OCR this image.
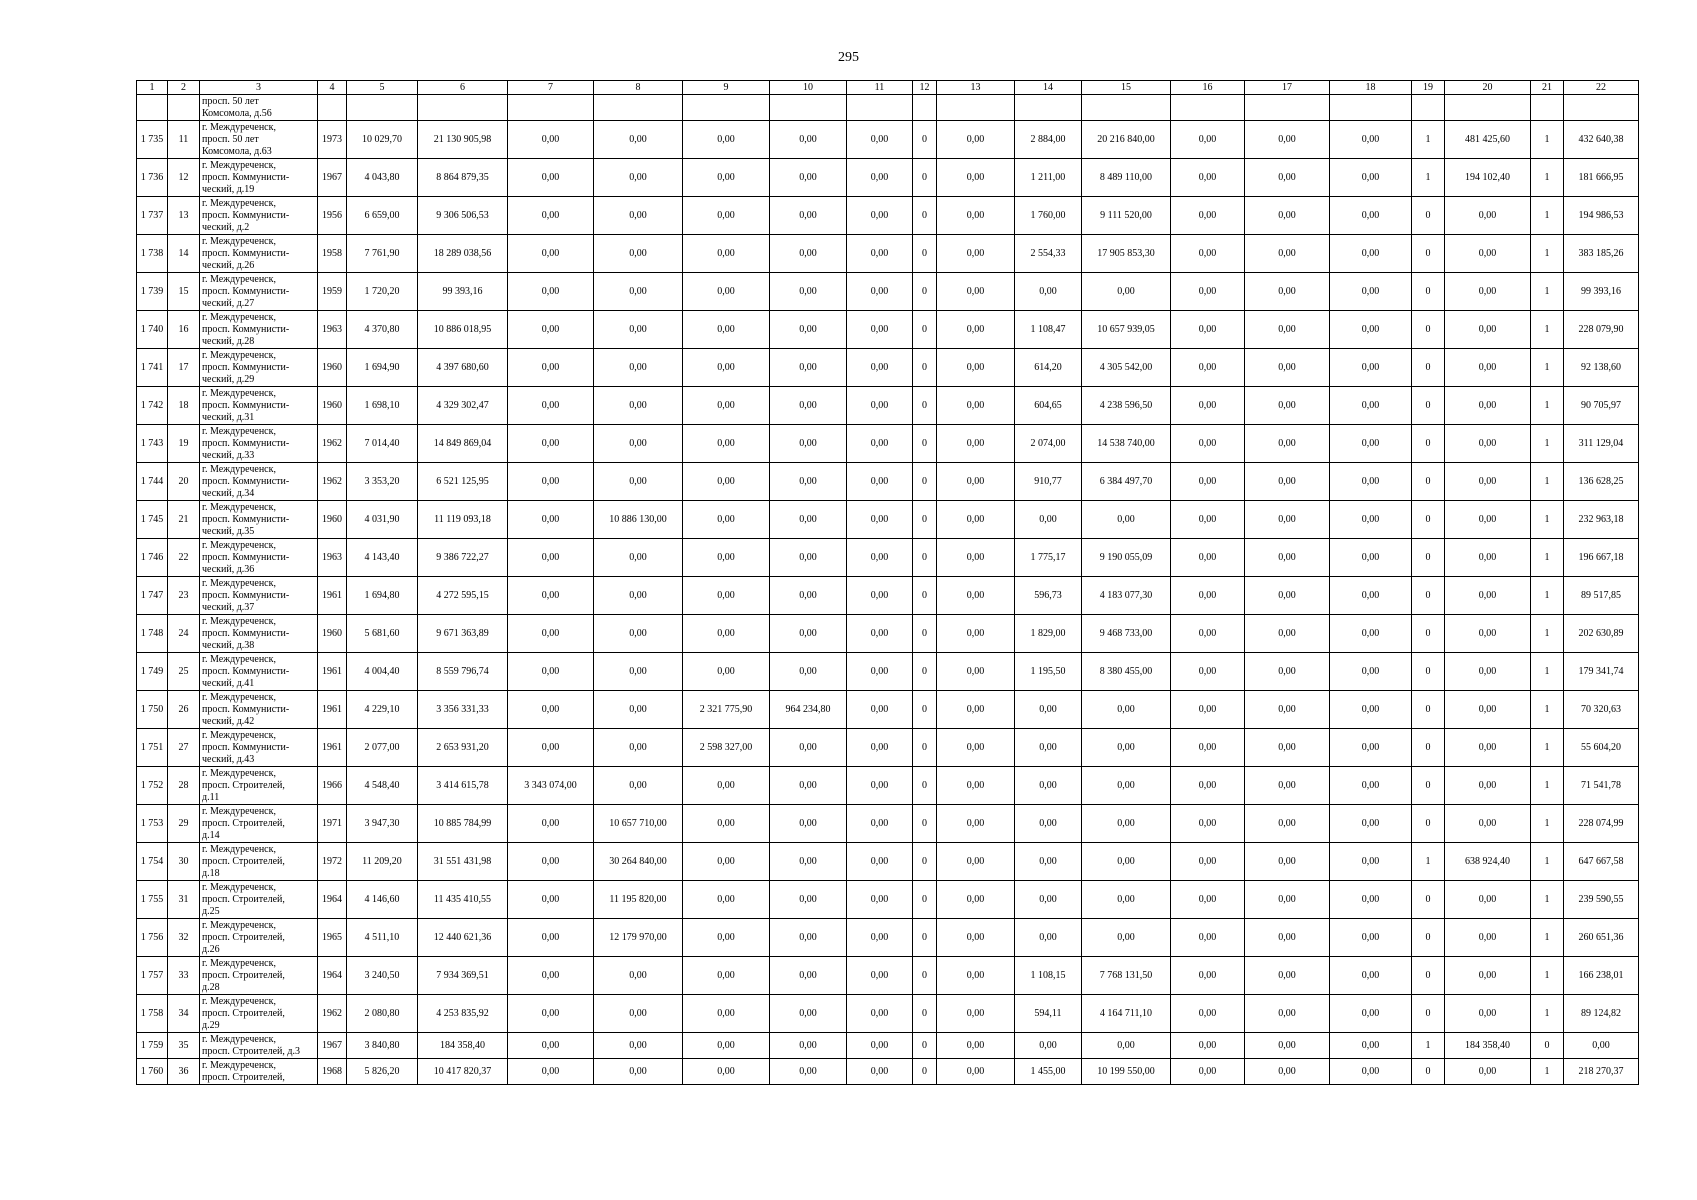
295
1	2	3	4	5	6	7	8	9	10	11	12	13	14	15	16	17	18	19	20	21	22
		просп. 50 лет
Комсомола, д.56																			
1 735	11	г. Междуреченск,
просп. 50 лет
Комсомола, д.63	1973	10 029,70	21 130 905,98	0,00	0,00	0,00	0,00	0,00	0	0,00	2 884,00	20 216 840,00	0,00	0,00	0,00	1	481 425,60	1	432 640,38
1 736	12	г. Междуреченск,
просп. Коммунисти-
ческий, д.19	1967	4 043,80	8 864 879,35	0,00	0,00	0,00	0,00	0,00	0	0,00	1 211,00	8 489 110,00	0,00	0,00	0,00	1	194 102,40	1	181 666,95
1 737	13	г. Междуреченск,
просп. Коммунисти-
ческий, д.2	1956	6 659,00	9 306 506,53	0,00	0,00	0,00	0,00	0,00	0	0,00	1 760,00	9 111 520,00	0,00	0,00	0,00	0	0,00	1	194 986,53
1 738	14	г. Междуреченск,
просп. Коммунисти-
ческий, д.26	1958	7 761,90	18 289 038,56	0,00	0,00	0,00	0,00	0,00	0	0,00	2 554,33	17 905 853,30	0,00	0,00	0,00	0	0,00	1	383 185,26
1 739	15	г. Междуреченск,
просп. Коммунисти-
ческий, д.27	1959	1 720,20	99 393,16	0,00	0,00	0,00	0,00	0,00	0	0,00	0,00	0,00	0,00	0,00	0,00	0	0,00	1	99 393,16
1 740	16	г. Междуреченск,
просп. Коммунисти-
ческий, д.28	1963	4 370,80	10 886 018,95	0,00	0,00	0,00	0,00	0,00	0	0,00	1 108,47	10 657 939,05	0,00	0,00	0,00	0	0,00	1	228 079,90
1 741	17	г. Междуреченск,
просп. Коммунисти-
ческий, д.29	1960	1 694,90	4 397 680,60	0,00	0,00	0,00	0,00	0,00	0	0,00	614,20	4 305 542,00	0,00	0,00	0,00	0	0,00	1	92 138,60
1 742	18	г. Междуреченск,
просп. Коммунисти-
ческий, д.31	1960	1 698,10	4 329 302,47	0,00	0,00	0,00	0,00	0,00	0	0,00	604,65	4 238 596,50	0,00	0,00	0,00	0	0,00	1	90 705,97
1 743	19	г. Междуреченск,
просп. Коммунисти-
ческий, д.33	1962	7 014,40	14 849 869,04	0,00	0,00	0,00	0,00	0,00	0	0,00	2 074,00	14 538 740,00	0,00	0,00	0,00	0	0,00	1	311 129,04
1 744	20	г. Междуреченск,
просп. Коммунисти-
ческий, д.34	1962	3 353,20	6 521 125,95	0,00	0,00	0,00	0,00	0,00	0	0,00	910,77	6 384 497,70	0,00	0,00	0,00	0	0,00	1	136 628,25
1 745	21	г. Междуреченск,
просп. Коммунисти-
ческий, д.35	1960	4 031,90	11 119 093,18	0,00	10 886 130,00	0,00	0,00	0,00	0	0,00	0,00	0,00	0,00	0,00	0,00	0	0,00	1	232 963,18
1 746	22	г. Междуреченск,
просп. Коммунисти-
ческий, д.36	1963	4 143,40	9 386 722,27	0,00	0,00	0,00	0,00	0,00	0	0,00	1 775,17	9 190 055,09	0,00	0,00	0,00	0	0,00	1	196 667,18
1 747	23	г. Междуреченск,
просп. Коммунисти-
ческий, д.37	1961	1 694,80	4 272 595,15	0,00	0,00	0,00	0,00	0,00	0	0,00	596,73	4 183 077,30	0,00	0,00	0,00	0	0,00	1	89 517,85
1 748	24	г. Междуреченск,
просп. Коммунисти-
ческий, д.38	1960	5 681,60	9 671 363,89	0,00	0,00	0,00	0,00	0,00	0	0,00	1 829,00	9 468 733,00	0,00	0,00	0,00	0	0,00	1	202 630,89
1 749	25	г. Междуреченск,
просп. Коммунисти-
ческий, д.41	1961	4 004,40	8 559 796,74	0,00	0,00	0,00	0,00	0,00	0	0,00	1 195,50	8 380 455,00	0,00	0,00	0,00	0	0,00	1	179 341,74
1 750	26	г. Междуреченск,
просп. Коммунисти-
ческий, д.42	1961	4 229,10	3 356 331,33	0,00	0,00	2 321 775,90	964 234,80	0,00	0	0,00	0,00	0,00	0,00	0,00	0,00	0	0,00	1	70 320,63
1 751	27	г. Междуреченск,
просп. Коммунисти-
ческий, д.43	1961	2 077,00	2 653 931,20	0,00	0,00	2 598 327,00	0,00	0,00	0	0,00	0,00	0,00	0,00	0,00	0,00	0	0,00	1	55 604,20
1 752	28	г. Междуреченск,
просп. Строителей,
д.11	1966	4 548,40	3 414 615,78	3 343 074,00	0,00	0,00	0,00	0,00	0	0,00	0,00	0,00	0,00	0,00	0,00	0	0,00	1	71 541,78
1 753	29	г. Междуреченск,
просп. Строителей,
д.14	1971	3 947,30	10 885 784,99	0,00	10 657 710,00	0,00	0,00	0,00	0	0,00	0,00	0,00	0,00	0,00	0,00	0	0,00	1	228 074,99
1 754	30	г. Междуреченск,
просп. Строителей,
д.18	1972	11 209,20	31 551 431,98	0,00	30 264 840,00	0,00	0,00	0,00	0	0,00	0,00	0,00	0,00	0,00	0,00	1	638 924,40	1	647 667,58
1 755	31	г. Междуреченск,
просп. Строителей,
д.25	1964	4 146,60	11 435 410,55	0,00	11 195 820,00	0,00	0,00	0,00	0	0,00	0,00	0,00	0,00	0,00	0,00	0	0,00	1	239 590,55
1 756	32	г. Междуреченск,
просп. Строителей,
д.26	1965	4 511,10	12 440 621,36	0,00	12 179 970,00	0,00	0,00	0,00	0	0,00	0,00	0,00	0,00	0,00	0,00	0	0,00	1	260 651,36
1 757	33	г. Междуреченск,
просп. Строителей,
д.28	1964	3 240,50	7 934 369,51	0,00	0,00	0,00	0,00	0,00	0	0,00	1 108,15	7 768 131,50	0,00	0,00	0,00	0	0,00	1	166 238,01
1 758	34	г. Междуреченск,
просп. Строителей,
д.29	1962	2 080,80	4 253 835,92	0,00	0,00	0,00	0,00	0,00	0	0,00	594,11	4 164 711,10	0,00	0,00	0,00	0	0,00	1	89 124,82
1 759	35	г. Междуреченск,
просп. Строителей, д.3	1967	3 840,80	184 358,40	0,00	0,00	0,00	0,00	0,00	0	0,00	0,00	0,00	0,00	0,00	0,00	1	184 358,40	0	0,00
1 760	36	г. Междуреченск,
просп. Строителей,	1968	5 826,20	10 417 820,37	0,00	0,00	0,00	0,00	0,00	0	0,00	1 455,00	10 199 550,00	0,00	0,00	0,00	0	0,00	1	218 270,37
